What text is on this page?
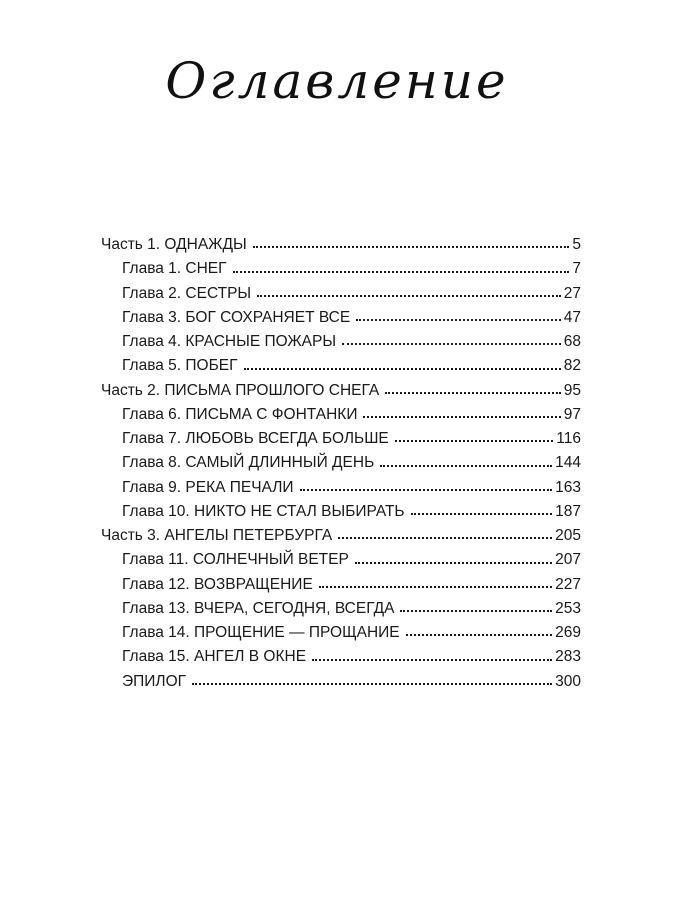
Оглавление
Часть 1. ОДНАЖДЫ	5
Глава 1. СНЕГ	7
Глава 2. СЕСТРЫ	27
Глава 3. БОГ СОХРАНЯЕТ ВСЕ	47
Глава 4. КРАСНЫЕ ПОЖАРЫ	68
Глава 5. ПОБЕГ	82
Часть 2. ПИСЬМА ПРОШЛОГО СНЕГА	95
Глава 6. ПИСЬМА С ФОНТАНКИ	97
Глава 7. ЛЮБОВЬ ВСЕГДА БОЛЬШЕ	116
Глава 8. САМЫЙ ДЛИННЫЙ ДЕНЬ	144
Глава 9. РЕКА ПЕЧАЛИ	163
Глава 10. НИКТО НЕ СТАЛ ВЫБИРАТЬ	187
Часть 3. АНГЕЛЫ ПЕТЕРБУРГА	205
Глава 11. СОЛНЕЧНЫЙ ВЕТЕР	207
Глава 12. ВОЗВРАЩЕНИЕ	227
Глава 13. ВЧЕРА, СЕГОДНЯ, ВСЕГДА	253
Глава 14. ПРОЩЕНИЕ — ПРОЩАНИЕ	269
Глава 15. АНГЕЛ В ОКНЕ	283
ЭПИЛОГ	300
